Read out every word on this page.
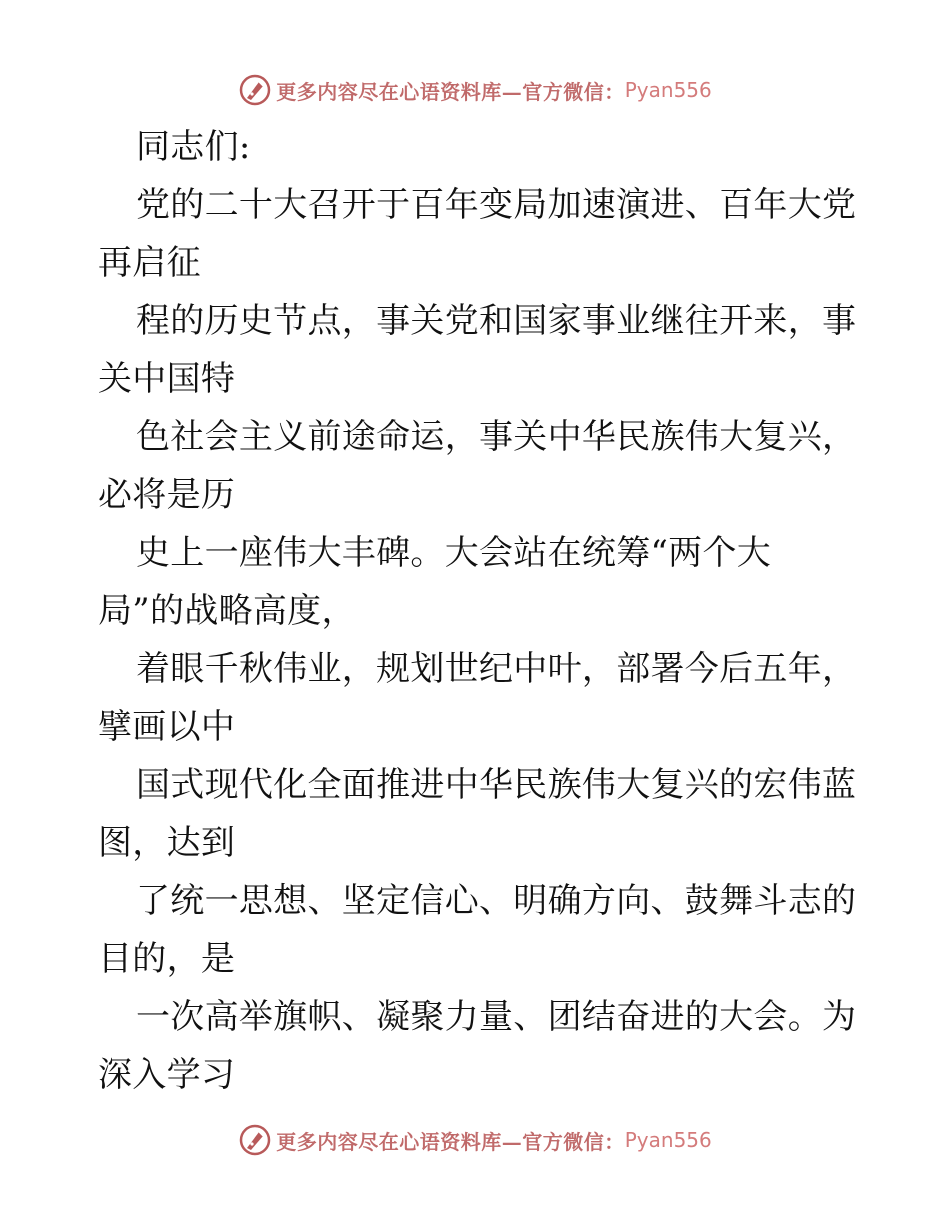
更多内容尽在心语资料库—官方微信： Pyan556
同志们:
党的二十大召开于百年变局加速演进、百年大党
再启征
程的历史节点，事关党和国家事业继往开来，事
关中国特
色社会主义前途命运，事关中华民族伟大复兴，
必将是历
史上一座伟大丰碑。大会站在统筹“两个大
局”的战略高度，
着眼千秋伟业，规划世纪中叶，部署今后五年，
擘画以中
国式现代化全面推进中华民族伟大复兴的宏伟蓝
图，达到
了统一思想、坚定信心、明确方向、鼓舞斗志的
目的，是
一次高举旗帜、凝聚力量、团结奋进的大会。为
深入学习
更多内容尽在心语资料库—官方微信： Pyan556
